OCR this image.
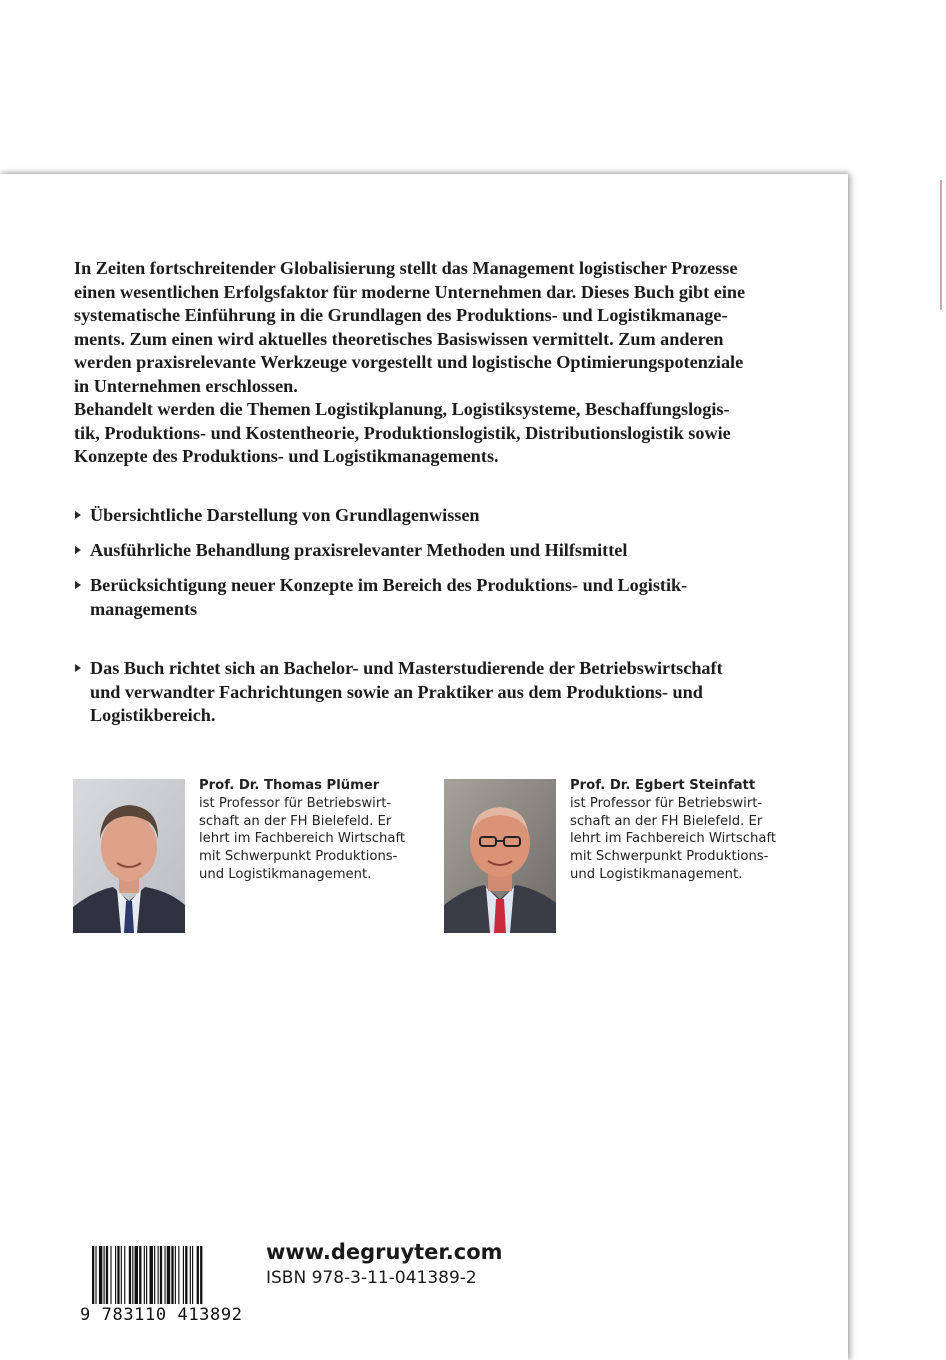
In Zeiten fortschreitender Globalisierung stellt das Management logistischer Prozesse

einen wesentlichen Erfolgsfaktor für moderne Unternehmen dar. Dieses Buch gibt eine

systematische Einführung in die Grundlagen des Produktions- und Logistikmanage-

ments. Zum einen wird aktuelles theoretisches Basiswissen vermittelt. Zum anderen

werden praxisrelevante Werkzeuge vorgestellt und logistische Optimierungspotenziale

in Unternehmen erschlossen.

Behandelt werden die Themen Logistikplanung, Logistiksysteme, Beschaffungslogis-

tik, Produktions- und Kostentheorie, Produktionslogistik, Distributionslogistik sowie

Konzepte des Produktions- und Logistikmanagements.

Übersichtliche Darstellung von Grundlagenwissen
Ausführliche Behandlung praxisrelevanter Methoden und Hilfsmittel
Berücksichtigung neuer Konzepte im Bereich des Produktions- und Logistik-
managements
Das Buch richtet sich an Bachelor- und Masterstudierende der Betriebswirtschaft
und verwandter Fachrichtungen sowie an Praktiker aus dem Produktions- und
Logistikbereich.
Prof. Dr. Thomas Plümer
ist Professor für Betriebswirt-
schaft an der FH Bielefeld. Er
lehrt im Fachbereich Wirtschaft
mit Schwerpunkt Produktions-
und Logistikmanagement.
Prof. Dr. Egbert Steinfatt
ist Professor für Betriebswirt-
schaft an der FH Bielefeld. Er
lehrt im Fachbereich Wirtschaft
mit Schwerpunkt Produktions-
und Logistikmanagement.
9 783110 413892
www.degruyter.com
ISBN 978-3-11-041389-2
